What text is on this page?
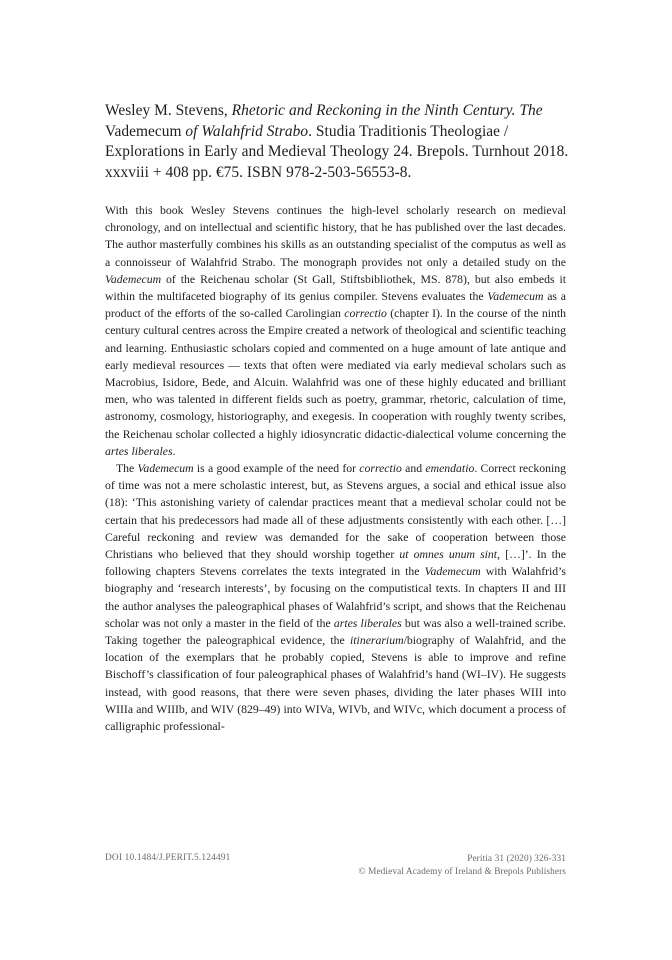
Wesley M. Stevens, Rhetoric and Reckoning in the Ninth Century. The Vademecum of Walahfrid Strabo. Studia Traditionis Theologiae / Explorations in Early and Medieval Theology 24. Brepols. Turnhout 2018. xxxviii + 408 pp. €75. ISBN 978-2-503-56553-8.

With this book Wesley Stevens continues the high-level scholarly research on medieval chronology, and on intellectual and scientific history, that he has published over the last decades. The author masterfully combines his skills as an outstanding specialist of the computus as well as a connoisseur of Walahfrid Strabo. The monograph provides not only a detailed study on the Vademecum of the Reichenau scholar (St Gall, Stiftsbibliothek, MS. 878), but also embeds it within the multifaceted biography of its genius compiler. Stevens evaluates the Vademecum as a product of the efforts of the so-called Carolingian correctio (chapter I). In the course of the ninth century cultural centres across the Empire created a network of theological and scientific teaching and learning. Enthusiastic scholars copied and commented on a huge amount of late antique and early medieval resources — texts that often were mediated via early medieval scholars such as Macrobius, Isidore, Bede, and Alcuin. Walahfrid was one of these highly educated and brilliant men, who was talented in different fields such as poetry, grammar, rhetoric, calculation of time, astronomy, cosmology, historiography, and exegesis. In cooperation with roughly twenty scribes, the Reichenau scholar collected a highly idiosyncratic didactic-dialectical volume concerning the artes liberales.

The Vademecum is a good example of the need for correctio and emendatio. Correct reckoning of time was not a mere scholastic interest, but, as Stevens argues, a social and ethical issue also (18): ‘This astonishing variety of calendar practices meant that a medieval scholar could not be certain that his predecessors had made all of these adjustments consistently with each other. […] Careful reckoning and review was demanded for the sake of cooperation between those Christians who believed that they should worship together ut omnes unum sint, […]’. In the following chapters Stevens correlates the texts integrated in the Vademecum with Walahfrid’s biography and ‘research interests’, by focusing on the computistical texts. In chapters II and III the author analyses the paleographical phases of Walahfrid’s script, and shows that the Reichenau scholar was not only a master in the field of the artes liberales but was also a well-trained scribe. Taking together the paleographical evidence, the itinerarium/biography of Walahfrid, and the location of the exemplars that he probably copied, Stevens is able to improve and refine Bischoff’s classification of four paleographical phases of Walahfrid’s hand (WI–IV). He suggests instead, with good reasons, that there were seven phases, dividing the later phases WIII into WIIIa and WIIIb, and WIV (829–49) into WIVa, WIVb, and WIVc, which document a process of calligraphic professional-

DOI 10.1484/J.PERIT.5.124491	Peritia 31 (2020) 326-331
© Medieval Academy of Ireland & Brepols Publishers
